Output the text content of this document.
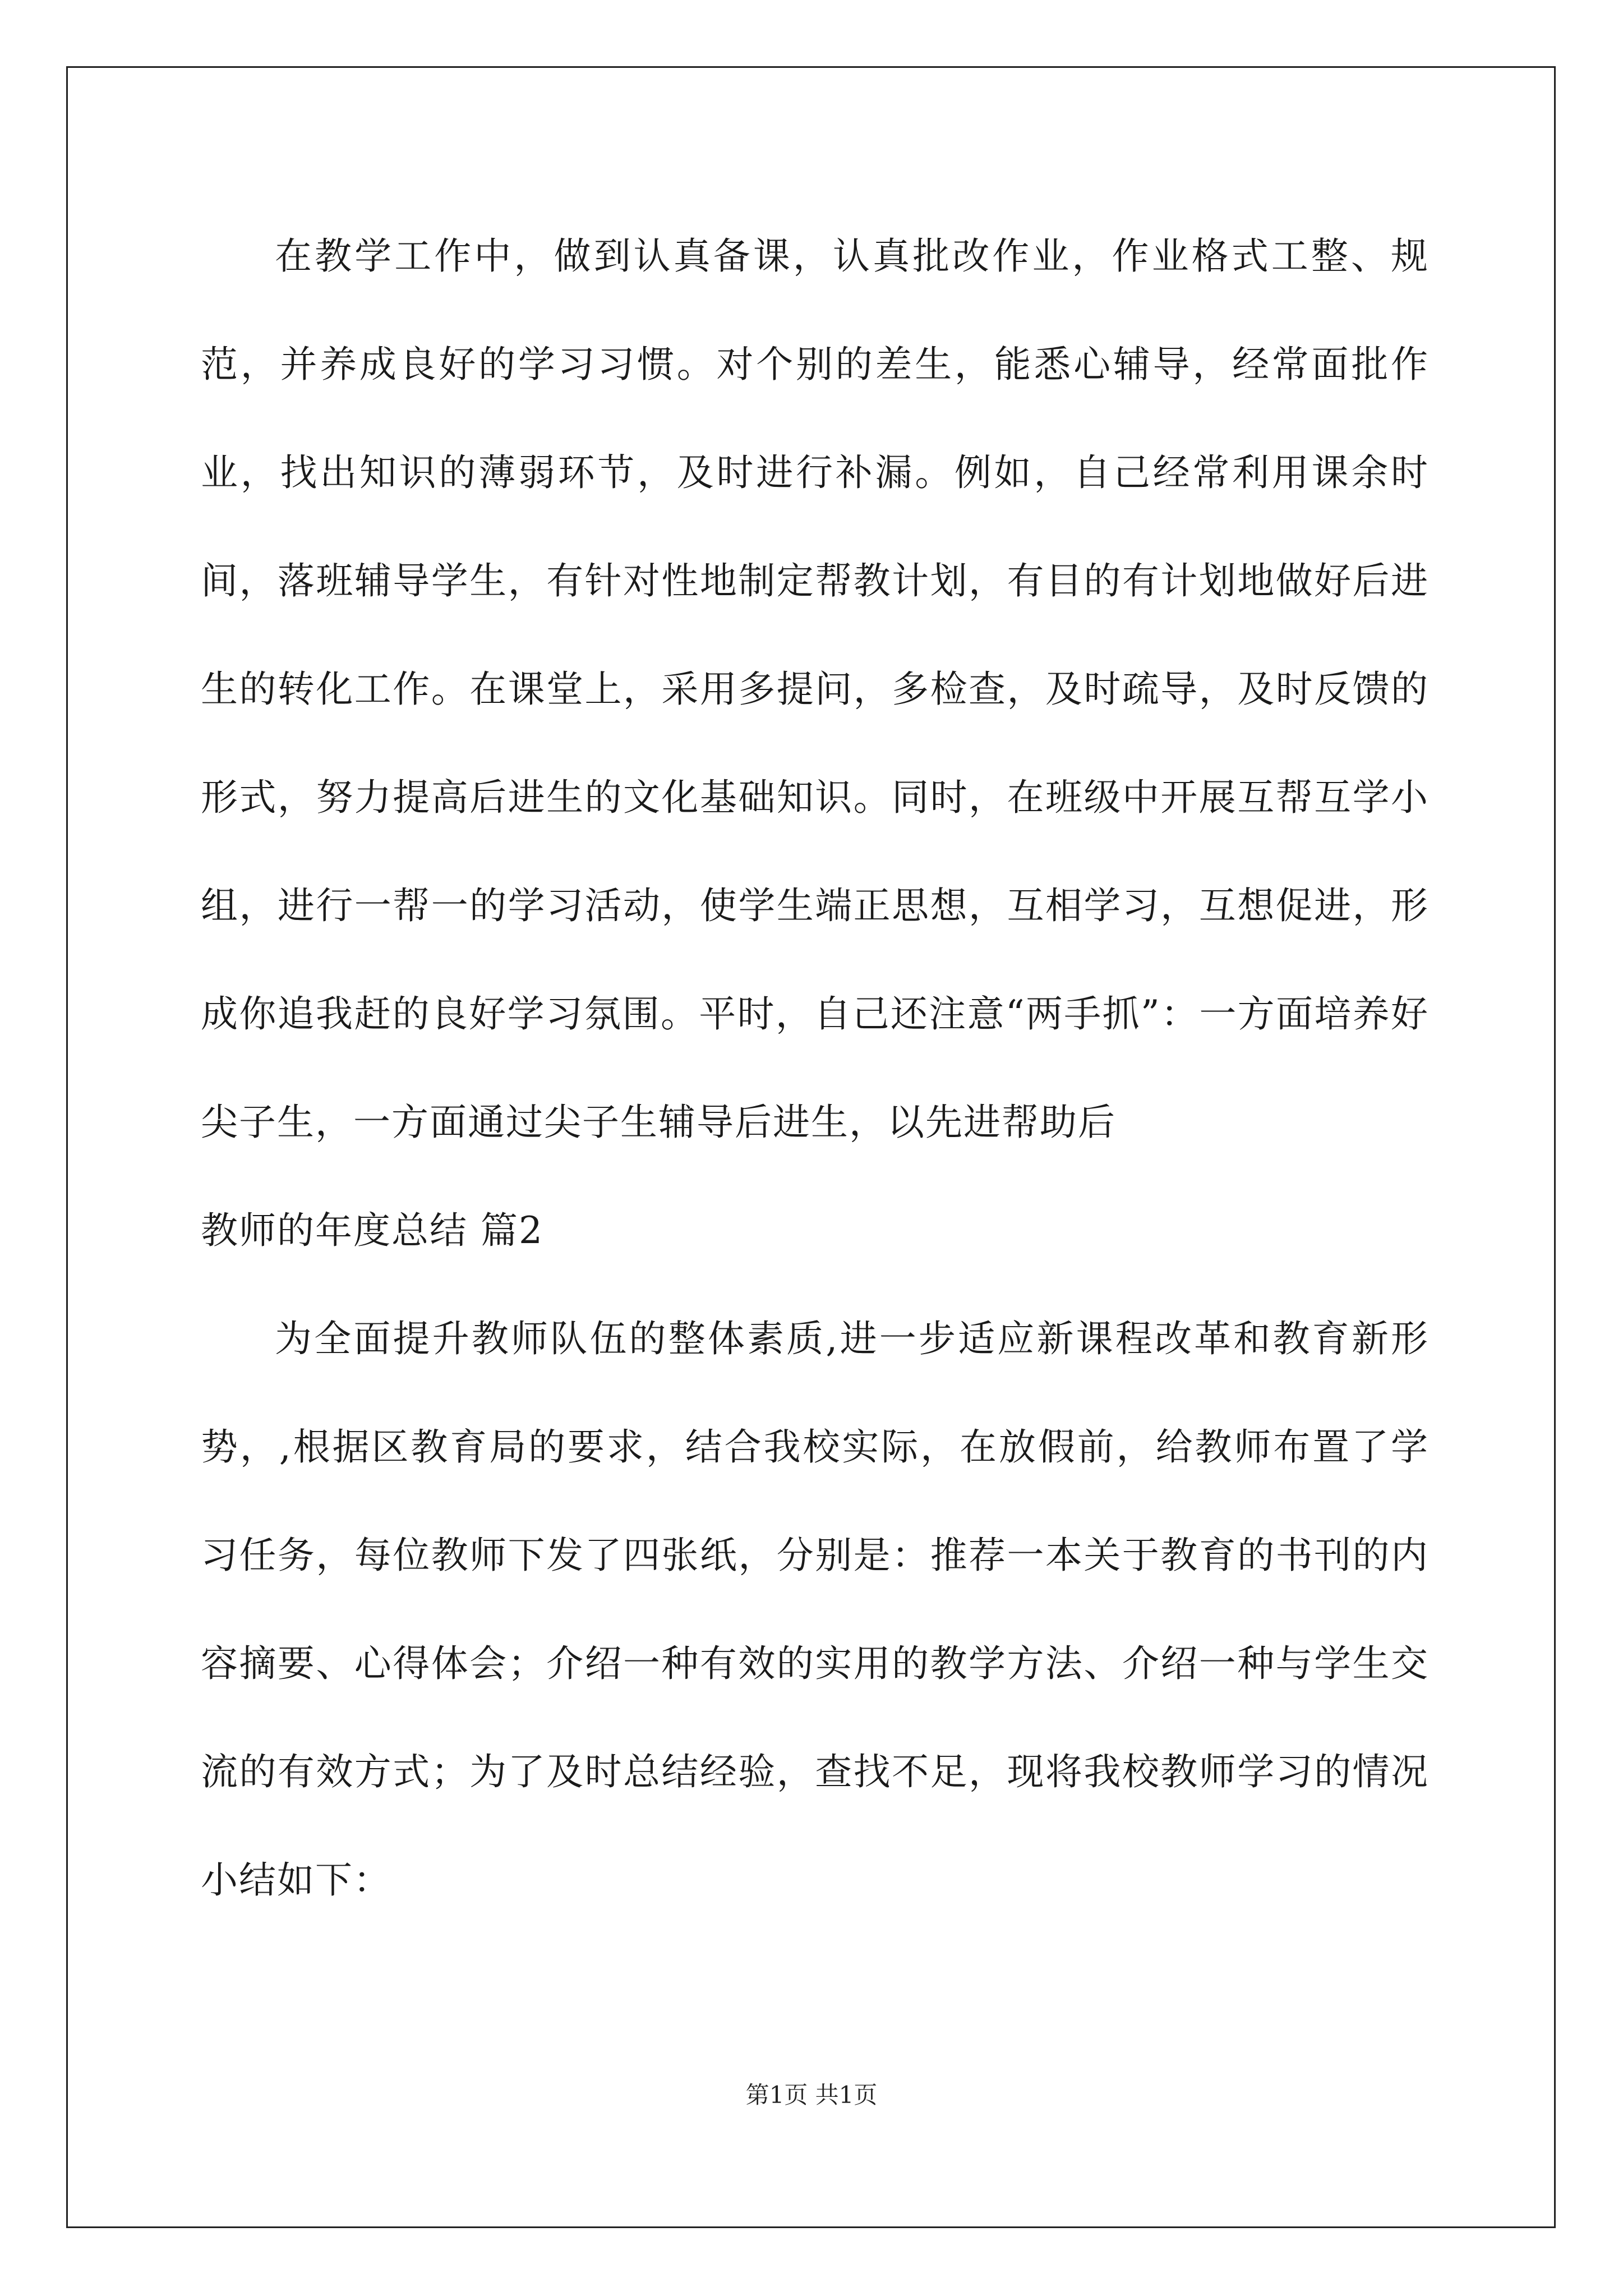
在教学工作中，做到认真备课，认真批改作业，作业格式工整、规范，并养成良好的学习习惯。对个别的差生，能悉心辅导，经常面批作业，找出知识的薄弱环节，及时进行补漏。例如，自己经常利用课余时间，落班辅导学生，有针对性地制定帮教计划，有目的有计划地做好后进生的转化工作。在课堂上，采用多提问，多检查，及时疏导，及时反馈的形式，努力提高后进生的文化基础知识。同时，在班级中开展互帮互学小组，进行一帮一的学习活动，使学生端正思想，互相学习，互想促进，形成你追我赶的良好学习氛围。平时，自己还注意“两手抓”：一方面培养好尖子生，一方面通过尖子生辅导后进生，以先进帮助后

教师的年度总结 篇2

为全面提升教师队伍的整体素质,进一步适应新课程改革和教育新形势，,根据区教育局的要求，结合我校实际，在放假前，给教师布置了学习任务，每位教师下发了四张纸，分别是：推荐一本关于教育的书刊的内容摘要、心得体会；介绍一种有效的实用的教学方法、介绍一种与学生交流的有效方式；为了及时总结经验，查找不足，现将我校教师学习的情况小结如下：

第1页 共1页
